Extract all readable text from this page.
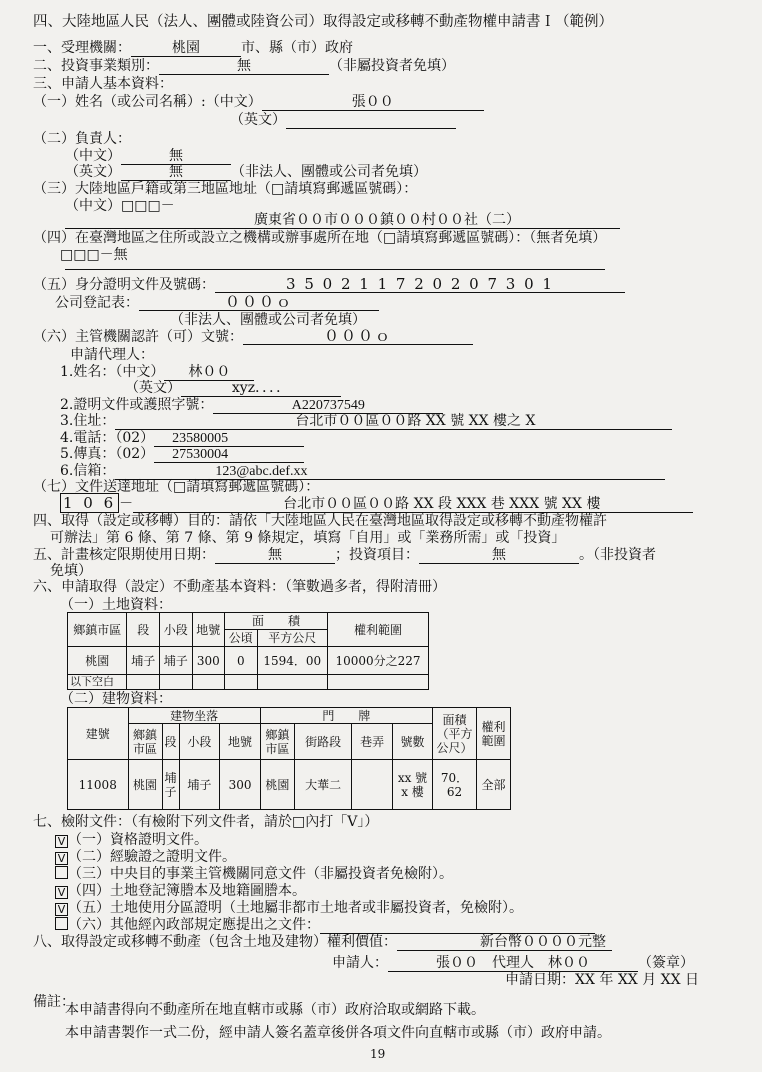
四、大陸地區人民（法人、團體或陸資公司）取得設定或移轉不動產物權申請書Ｉ（範例）
一、受理機關：	桃園	市、縣（市）政府
二、投資事業類別：	無	（非屬投資者免填）
三、申請人基本資料：
（一）姓名（或公司名稱）:（中文）	張００
（英文）
（二）負責人：
（中文）	無
（英文）	無	（非法人、團體或公司者免填）
（三）大陸地區戶籍或第三地區地址（□請填寫郵遞區號碼）：
（中文）□□□－
廣東省００市０００鎮００村００社（二）
（四）在臺灣地區之住所或設立之機構或辦事處所在地（□請填寫郵遞區號碼）：（無者免填）
□□□－無
（五）身分證明文件及號碼：	3 5 0 2 1 1 7 2 0 2 0 7 3 0 1
公司登記表：	０００ｏ
（非法人、團體或公司者免填）
（六）主管機關認許（可）文號：	０００ｏ
申請代理人：
1.姓名：（中文） 林００
（英文）	xyz．．．．
2.證明文件或護照字號：	A220737549
3.住址：	台北市００區００路 XX 號 XX 樓之 X
4.電話：（02） 23580005
5.傳真：（02） 27530004
6.信箱：	123@abc.def.xx
（七）文件送達地址（□請填寫郵遞區號碼）：
1 0 6 －	台北市００區００路 XX 段 XXX 巷 XXX 號 XX 樓
四、取得（設定或移轉）目的：請依「大陸地區人民在臺灣地區取得設定或移轉不動產物權許
可辦法」第 6 條、第 7 條、第 9 條規定，填寫「自用」或「業務所需」或「投資」
五、計畫核定限期使用日期：	無	；投資項目：	無	。（非投資者
免填）
六、申請取得（設定）不動產基本資料：（筆數過多者，得附清冊）
（一）土地資料：
鄉鎮市區	段	小段	地號	面　　積		權利範圍
				公頃	平方公尺	
桃園	埔子	埔子	300	0	1594．00	10000分之227
以下空白						
（二）建物資料：
建號	建物坐落				門　　牌				面積（平方公尺）	權利範圍
	鄉鎮市區	段	小段	地號	鄉鎮市區	街路段	巷弄	號數		
11008	桃園	埔子	埔子	300	桃園	大華二		xx 號 x 樓	70．62	全部
七、檢附文件：（有檢附下列文件者，請於□內打「V」）
V （一）資格證明文件。
V （二）經驗證之證明文件。
（三）中央目的事業主管機關同意文件（非屬投資者免檢附）。
V （四）土地登記簿謄本及地籍圖謄本。
V （五）土地使用分區證明（土地屬非都市土地者或非屬投資者，免檢附）。
（六）其他經內政部規定應提出之文件：
八、取得設定或移轉不動產（包含土地及建物）權利價值：	新台幣００００元整
申請人：	張００　代理人　林００	（簽章）
申請日期：XX 年 XX 月 XX 日
備註：
本申請書得向不動產所在地直轄市或縣（市）政府洽取或網路下載。
本申請書製作一式二份，經申請人簽名蓋章後併各項文件向直轄市或縣（市）政府申請。
19
